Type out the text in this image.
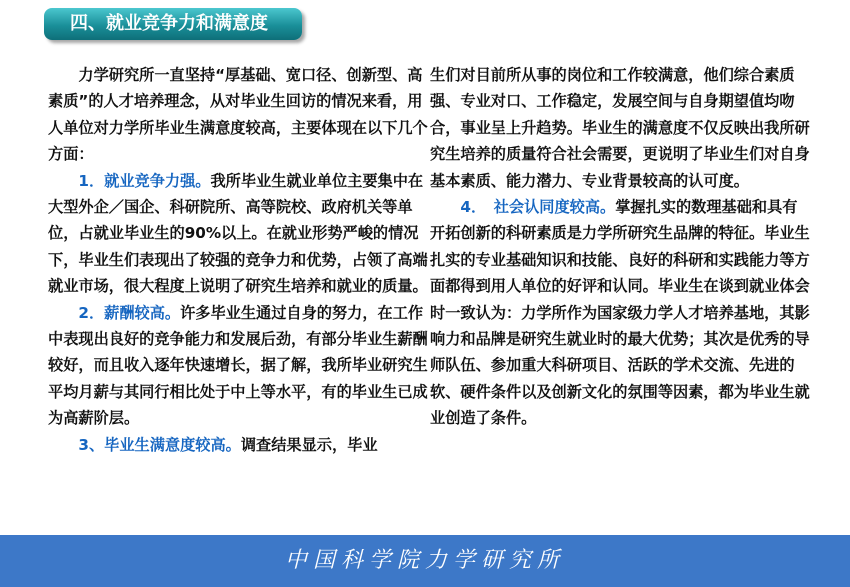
四、就业竞争力和满意度

力学研究所一直坚持“厚基础、宽口径、创新型、高素质”的人才培养理念，从对毕业生回访的情况来看，用人单位对力学所毕业生满意度较高，主要体现在以下几个方面：

1．就业竞争力强。我所毕业生就业单位主要集中在大型外企／国企、科研院所、高等院校、政府机关等单位，占就业毕业生的90%以上。在就业形势严峻的情况下，毕业生们表现出了较强的竞争力和优势，占领了高端就业市场，很大程度上说明了研究生培养和就业的质量。

2．薪酬较高。许多毕业生通过自身的努力，在工作中表现出良好的竞争能力和发展后劲，有部分毕业生薪酬较好，而且收入逐年快速增长，据了解，我所毕业研究生平均月薪与其同行相比处于中上等水平，有的毕业生已成为高薪阶层。

3、毕业生满意度较高。调查结果显示，毕业

生们对目前所从事的岗位和工作较满意，他们综合素质强、专业对口、工作稳定，发展空间与自身期望值均吻合，事业呈上升趋势。毕业生的满意度不仅反映出我所研究生培养的质量符合社会需要，更说明了毕业生们对自身基本素质、能力潜力、专业背景较高的认可度。

4．　社会认同度较高。掌握扎实的数理基础和具有开拓创新的科研素质是力学所研究生品牌的特征。毕业生扎实的专业基础知识和技能、良好的科研和实践能力等方面都得到用人单位的好评和认同。毕业生在谈到就业体会时一致认为：力学所作为国家级力学人才培养基地，其影响力和品牌是研究生就业时的最大优势；其次是优秀的导师队伍、参加重大科研项目、活跃的学术交流、先进的软、硬件条件以及创新文化的氛围等因素，都为毕业生就业创造了条件。

中国科学院力学研究所
